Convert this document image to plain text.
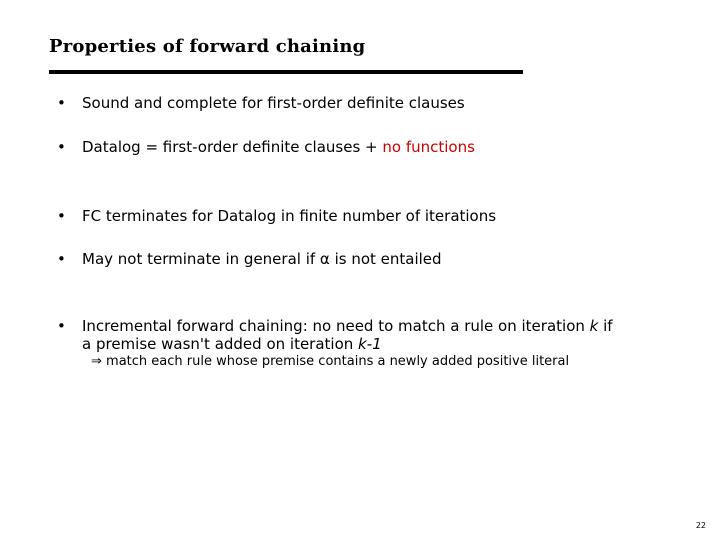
Properties of forward chaining
• Sound and complete for first-order definite clauses
• Datalog = first-order definite clauses + no functions
• FC terminates for Datalog in finite number of iterations
• May not terminate in general if α is not entailed
• Incremental forward chaining: no need to match a rule on iteration k if
a premise wasn't added on iteration k-1
⇒ match each rule whose premise contains a newly added positive literal
22
